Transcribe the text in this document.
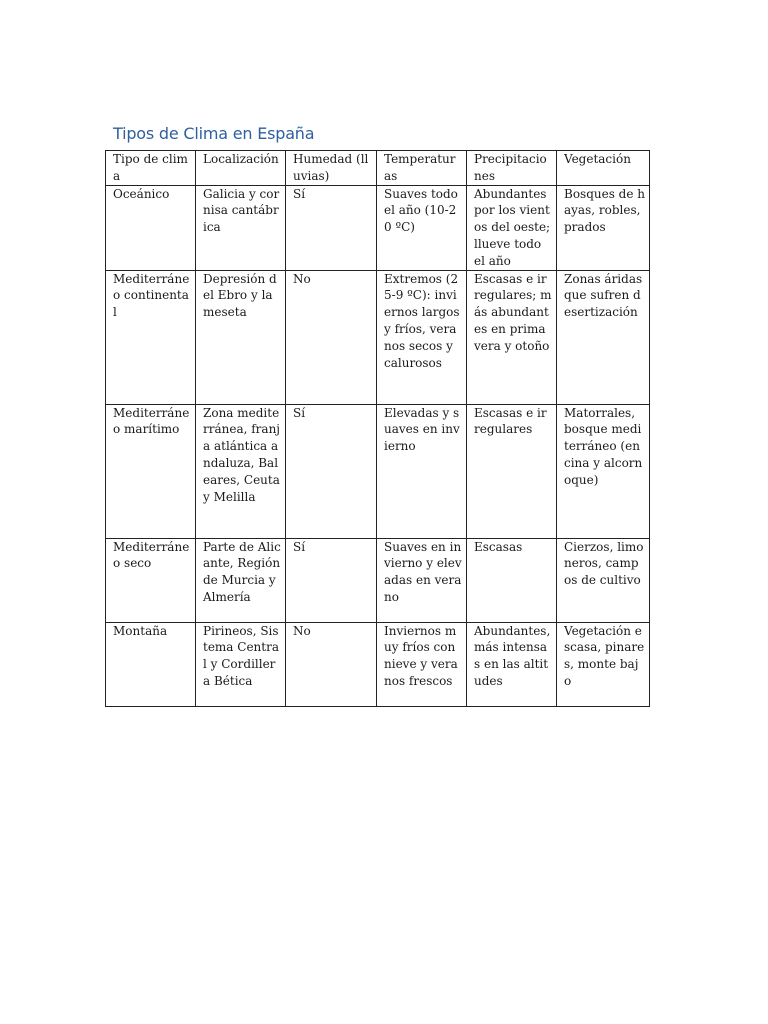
Tipos de Clima en España
Tipo de clima	Localización	Humedad (lluvias)	Temperaturas	Precipitaciones	Vegetación

Oceánico	Galicia y cornisa cantábrica	Sí	Suaves todo el año (10-20 ºC)	Abundantes por los vientos del oeste; llueve todo el año	Bosques de hayas, robles, prados

Mediterráneo continental	Depresión del Ebro y la meseta	No	Extremos (25-9 ºC): inviernos largos y fríos, veranos secos y calurosos	Escasas e irregulares; más abundantes en primavera y otoño	Zonas áridas que sufren desertización

Mediterráneo marítimo	Zona mediterránea, franja atlántica andaluza, Baleares, Ceuta y Melilla	Sí	Elevadas y suaves en invierno	Escasas e irregulares	Matorrales, bosque mediterráneo (encina y alcornoque)

Mediterráneo seco	Parte de Alicante, Región de Murcia y Almería	Sí	Suaves en invierno y elevadas en verano	Escasas	Cierzos, limoneros, campos de cultivo

Montaña	Pirineos, Sistema Central y Cordillera Bética	No	Inviernos muy fríos con nieve y veranos frescos	Abundantes, más intensas en las altitudes	Vegetación escasa, pinares, monte bajo
